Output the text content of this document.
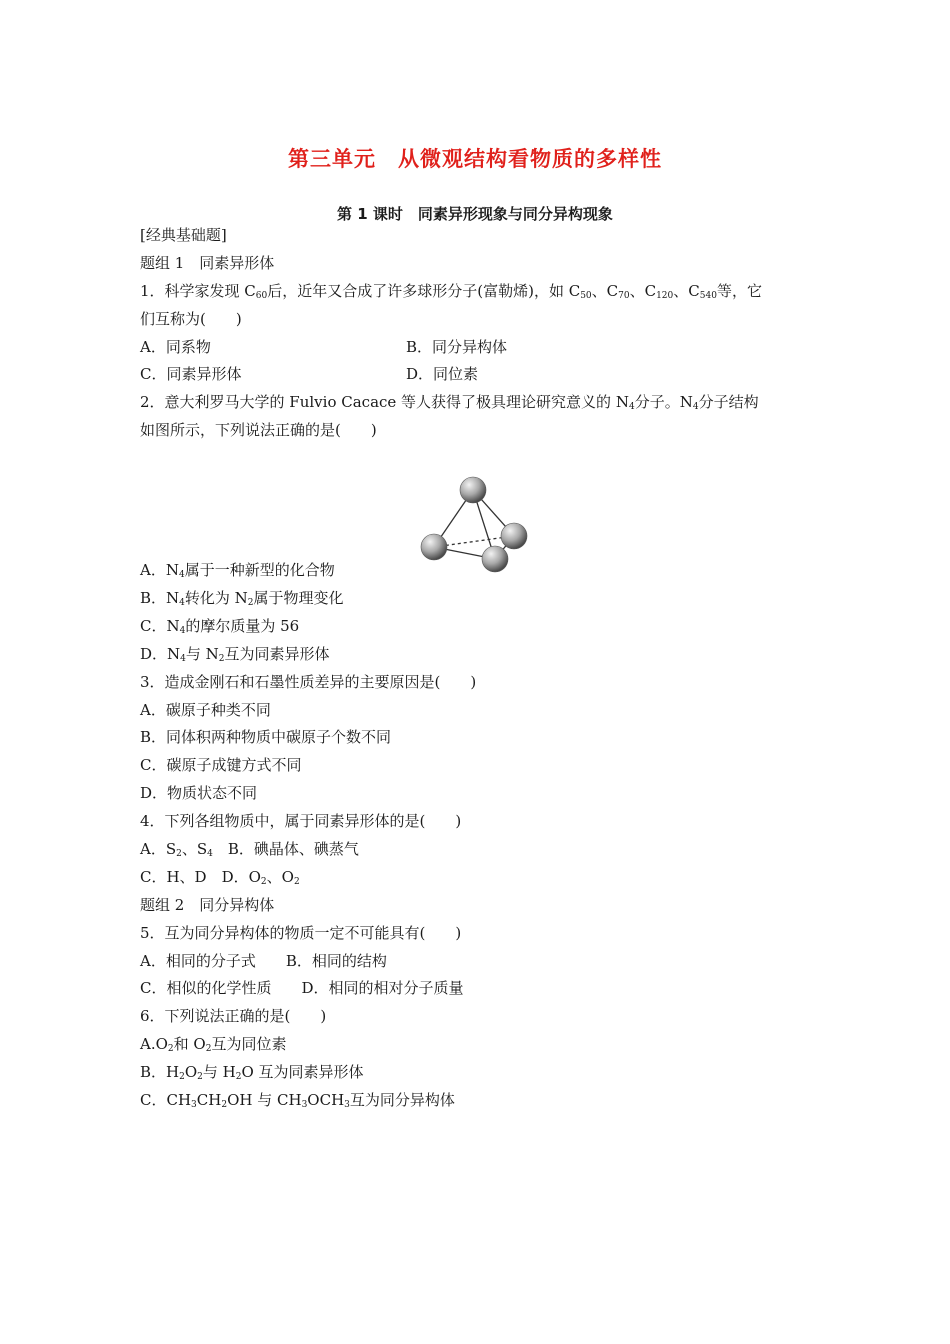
第三单元　从微观结构看物质的多样性
第 1 课时　同素异形现象与同分异构现象
[经典基础题]
题组 1　同素异形体
1．科学家发现 $C_{60}$后，近年又合成了许多球形分子(富勒烯)，如 $C_{50}$、$C_{70}$、$C_{120}$、$C_{540}$等，它
们互称为(　　)
A．同系物	B．同分异构体
C．同素异形体	D．同位素
2．意大利罗马大学的 Fulvio Cacace 等人获得了极具理论研究意义的 $N_4$分子。$N_4$分子结构
如图所示，下列说法正确的是(　　)
A．$N_4$属于一种新型的化合物
B．$N_4$转化为 $N_2$属于物理变化
C．$N_4$的摩尔质量为 56
D．$N_4$与 $N_2$互为同素异形体
3．造成金刚石和石墨性质差异的主要原因是(　　)
A．碳原子种类不同
B．同体积两种物质中碳原子个数不同
C．碳原子成键方式不同
D．物质状态不同
4．下列各组物质中，属于同素异形体的是(　　)
A．$S_2$、$S_4$　B．碘晶体、碘蒸气
C．H、D　D．$O_2$、$O_2$
题组 2　同分异构体
5．互为同分异构体的物质一定不可能具有(　　)
A．相同的分子式　　B．相同的结构
C．相似的化学性质　　D．相同的相对分子质量
6．下列说法正确的是(　　)
$A.O_2$和 $O_2$互为同位素
B．$H_2O_2$与 $H_2O$ 互为同素异形体
C．$CH_3CH_2OH$ 与 $CH_3OCH_3$互为同分异构体
